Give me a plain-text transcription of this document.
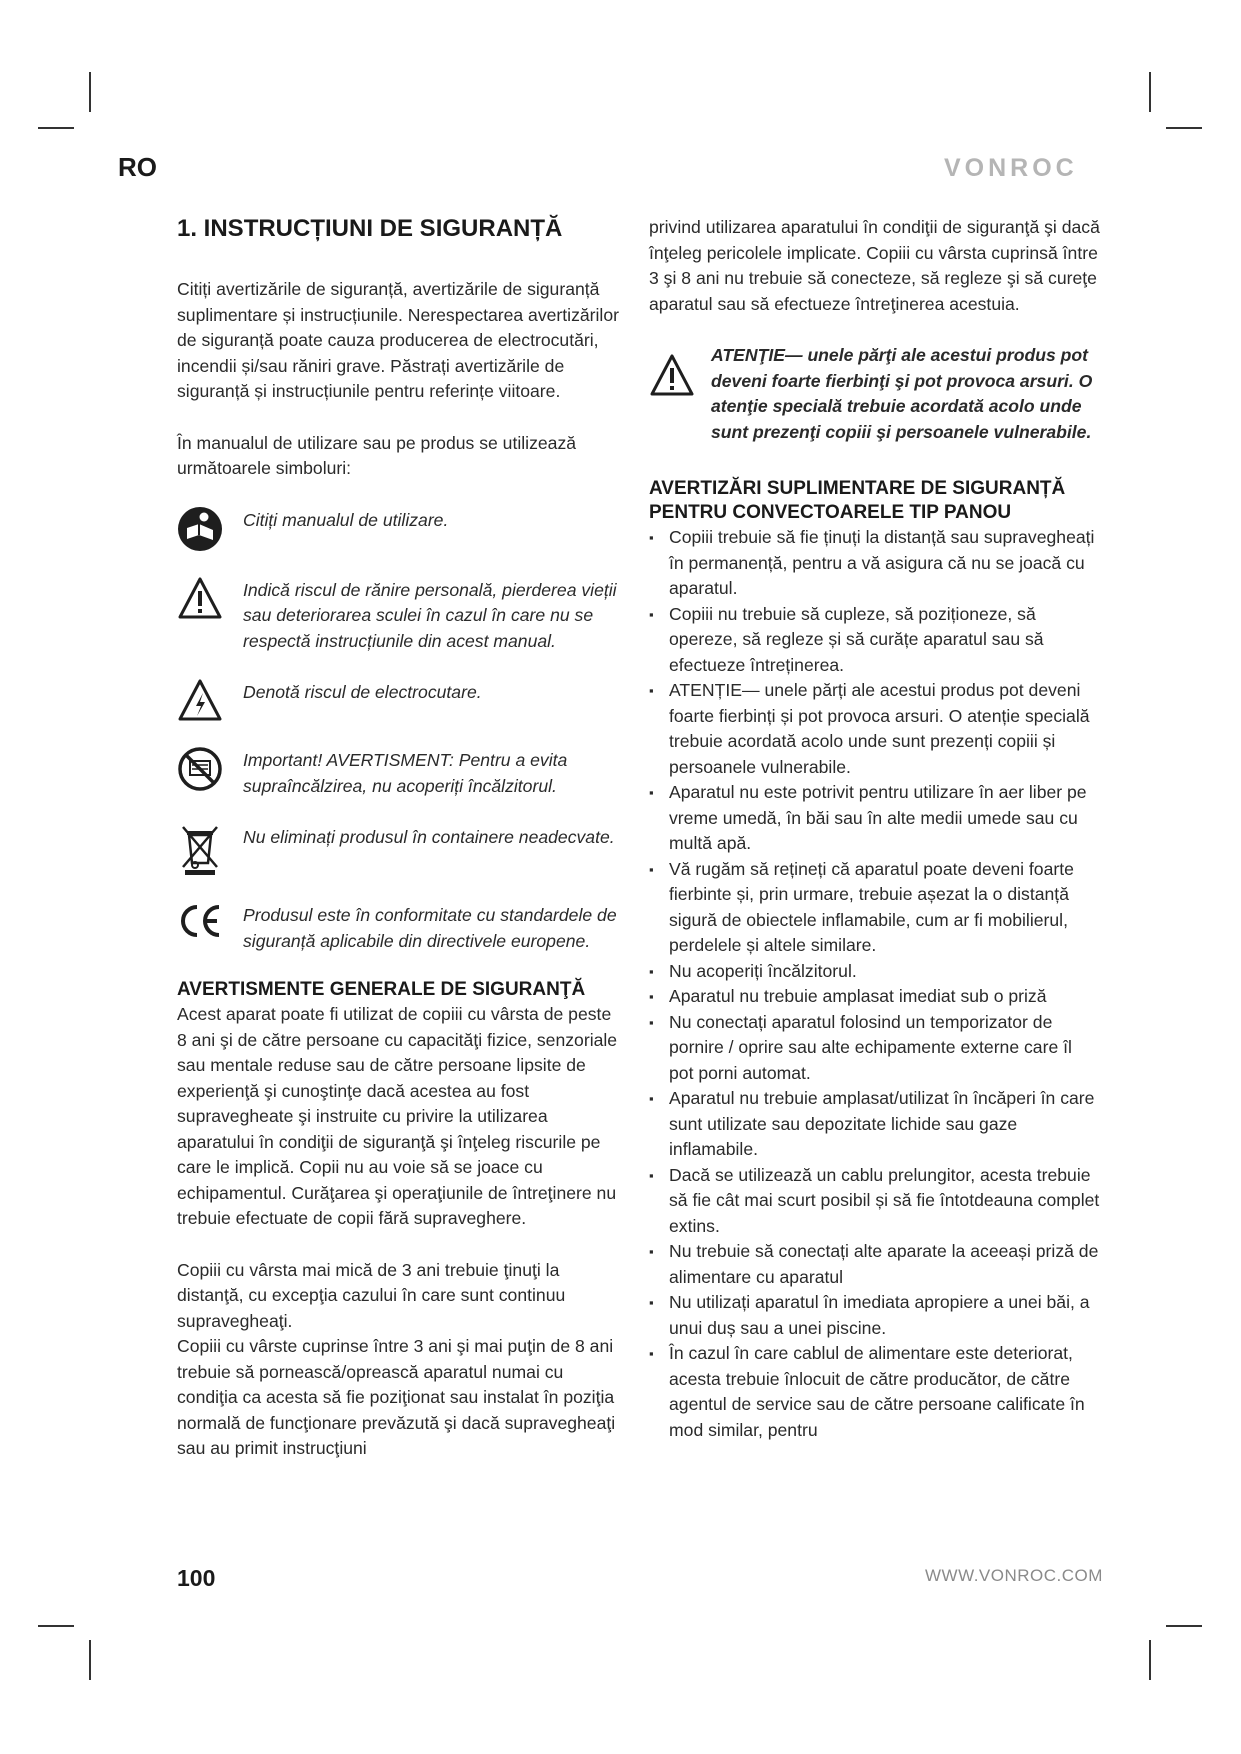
RO	VONROC
1. INSTRUCȚIUNI DE SIGURANȚĂ

Citiți avertizările de siguranță, avertizările de siguranță suplimentare și instrucțiunile. Nerespectarea avertizărilor de siguranță poate cauza producerea de electrocutări, incendii și/sau răniri grave. Păstrați avertizările de siguranță și instrucțiunile pentru referințe viitoare.

În manualul de utilizare sau pe produs se utilizează următoarele simboluri:

Citiți manualul de utilizare.
Indică riscul de rănire personală, pierderea vieții sau deteriorarea sculei în cazul în care nu se respectă instrucțiunile din acest manual.
Denotă riscul de electrocutare.
Important! AVERTISMENT: Pentru a evita supraîncălzirea, nu acoperiți încălzitorul.
Nu eliminați produsul în containere neadecvate.
Produsul este în conformitate cu standardele de siguranță aplicabile din directivele europene.
AVERTISMENTE GENERALE DE SIGURANŢĂ

Acest aparat poate fi utilizat de copiii cu vârsta de peste 8 ani şi de către persoane cu capacităţi fizice, senzoriale sau mentale reduse sau de către persoane lipsite de experienţă şi cunoştinţe dacă acestea au fost supravegheate şi instruite cu privire la utilizarea aparatului în condiţii de siguranţă şi înţeleg riscurile pe care le implică. Copii nu au voie să se joace cu echipamentul. Curăţarea şi operaţiunile de întreţinere nu trebuie efectuate de copii fără supraveghere.

Copiii cu vârsta mai mică de 3 ani trebuie ţinuţi la distanţă, cu excepţia cazului în care sunt continuu supravegheaţi.

Copiii cu vârste cuprinse între 3 ani şi mai puţin de 8 ani trebuie să pornească/oprească aparatul numai cu condiţia ca acesta să fie poziţionat sau instalat în poziţia normală de funcţionare prevăzută şi dacă supravegheaţi sau au primit instrucţiuni

privind utilizarea aparatului în condiţii de siguranţă şi dacă înţeleg pericolele implicate. Copiii cu vârsta cuprinsă între 3 şi 8 ani nu trebuie să conecteze, să regleze şi să cureţe aparatul sau să efectueze întreţinerea acestuia.

ATENŢIE— unele părţi ale acestui produs pot deveni foarte fierbinţi şi pot provoca arsuri. O atenţie specială trebuie acordată acolo unde sunt prezenţi copiii şi persoanele vulnerabile.
AVERTIZĂRI SUPLIMENTARE DE SIGURANȚĂ PENTRU CONVECTOARELE TIP PANOU
▪ Copiii trebuie să fie ținuți la distanță sau supravegheați în permanență, pentru a vă asigura că nu se joacă cu aparatul.
▪ Copiii nu trebuie să cupleze, să poziționeze, să opereze, să regleze și să curățe aparatul sau să efectueze întreținerea.
▪ ATENȚIE— unele părți ale acestui produs pot deveni foarte fierbinți și pot provoca arsuri. O atenție specială trebuie acordată acolo unde sunt prezenți copiii și persoanele vulnerabile.
▪ Aparatul nu este potrivit pentru utilizare în aer liber pe vreme umedă, în băi sau în alte medii umede sau cu multă apă.
▪ Vă rugăm să rețineți că aparatul poate deveni foarte fierbinte și, prin urmare, trebuie așezat la o distanță sigură de obiectele inflamabile, cum ar fi mobilierul, perdelele și altele similare.
▪ Nu acoperiți încălzitorul.
▪ Aparatul nu trebuie amplasat imediat sub o priză
▪ Nu conectați aparatul folosind un temporizator de pornire / oprire sau alte echipamente externe care îl pot porni automat.
▪ Aparatul nu trebuie amplasat/utilizat în încăperi în care sunt utilizate sau depozitate lichide sau gaze inflamabile.
▪ Dacă se utilizează un cablu prelungitor, acesta trebuie să fie cât mai scurt posibil și să fie întotdeauna complet extins.
▪ Nu trebuie să conectați alte aparate la aceeași priză de alimentare cu aparatul
▪ Nu utilizați aparatul în imediata apropiere a unei băi, a unui duș sau a unei piscine.
▪ În cazul în care cablul de alimentare este deteriorat, acesta trebuie înlocuit de către producător, de către agentul de service sau de către persoane calificate în mod similar, pentru
100	WWW.VONROC.COM
